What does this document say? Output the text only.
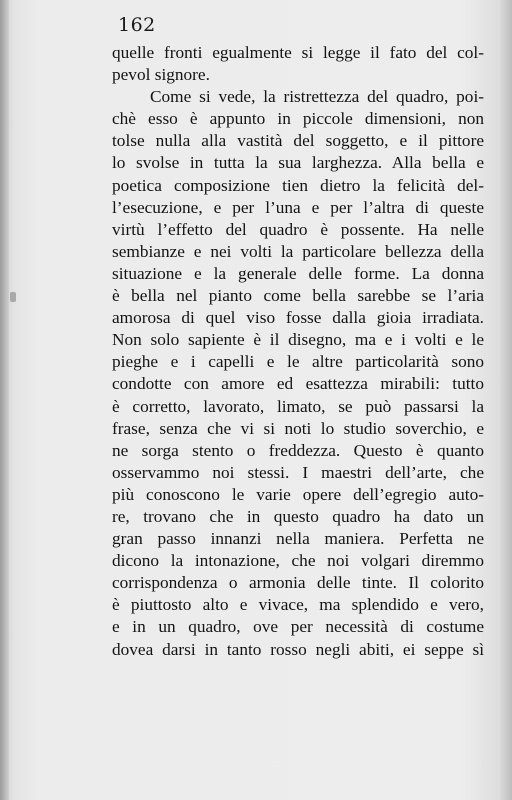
162
quelle fronti egualmente si legge il fato del col-
pevol signore.
Come si vede, la ristrettezza del quadro, poi-
chè esso è appunto in piccole dimensioni, non
tolse nulla alla vastità del soggetto, e il pittore
lo svolse in tutta la sua larghezza. Alla bella e
poetica composizione tien dietro la felicità del-
l’esecuzione, e per l’una e per l’altra di queste
virtù l’effetto del quadro è possente. Ha nelle
sembianze e nei volti la particolare bellezza della
situazione e la generale delle forme. La donna
è bella nel pianto come bella sarebbe se l’aria
amorosa di quel viso fosse dalla gioia irradiata.
Non solo sapiente è il disegno, ma e i volti e le
pieghe e i capelli e le altre particolarità sono
condotte con amore ed esattezza mirabili: tutto
è corretto, lavorato, limato, se può passarsi la
frase, senza che vi si noti lo studio soverchio, e
ne sorga stento o freddezza. Questo è quanto
osservammo noi stessi. I maestri dell’arte, che
più conoscono le varie opere dell’egregio auto-
re, trovano che in questo quadro ha dato un
gran passo innanzi nella maniera. Perfetta ne
dicono la intonazione, che noi volgari diremmo
corrispondenza o armonia delle tinte. Il colorito
è piuttosto alto e vivace, ma splendido e vero,
e in un quadro, ove per necessità di costume
dovea darsi in tanto rosso negli abiti, ei seppe sì
